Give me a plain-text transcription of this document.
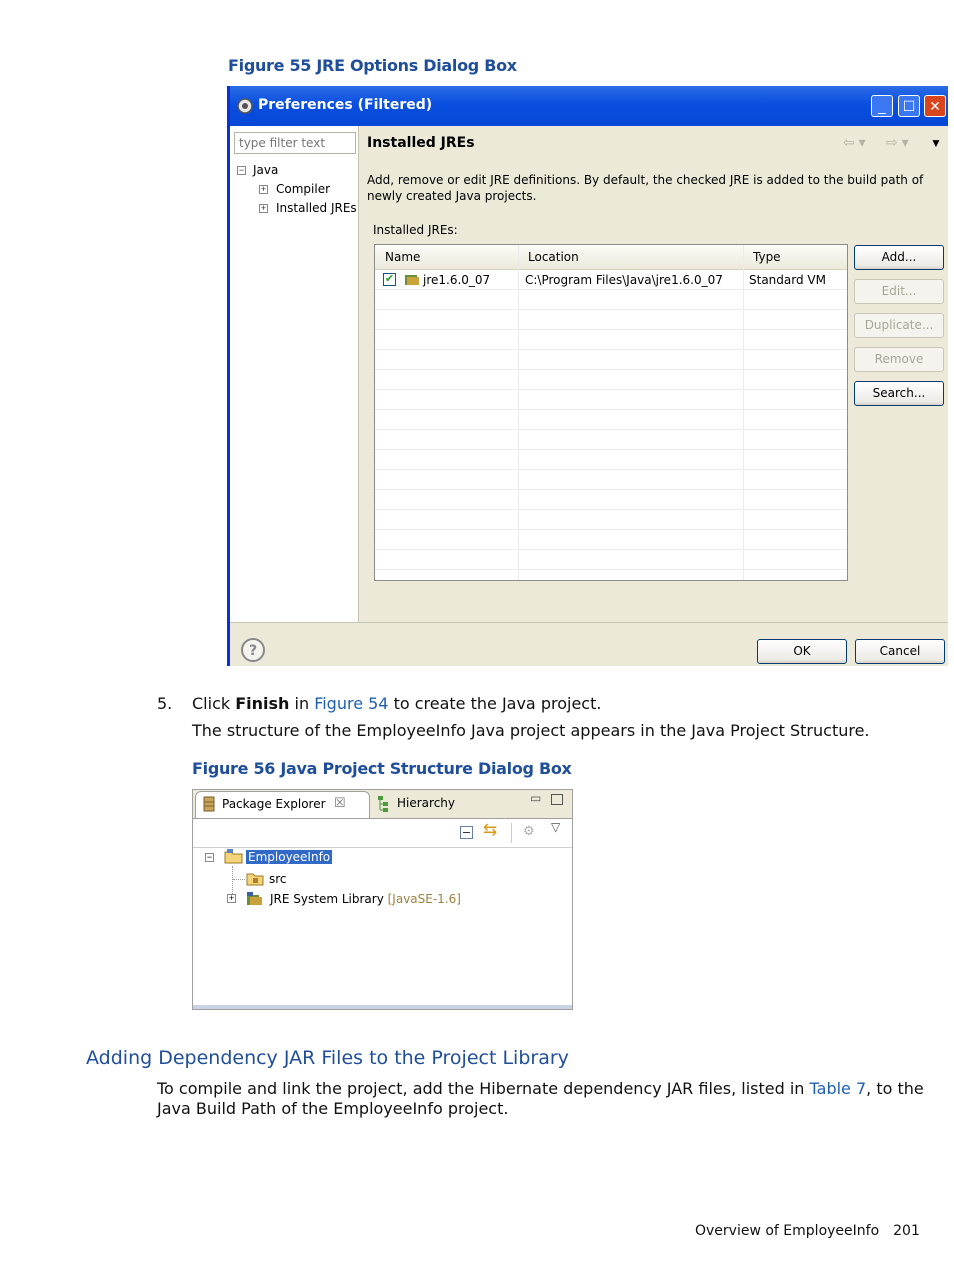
Figure 55 JRE Options Dialog Box
Preferences (Filtered)	_	☐ ✕
type filter text
− Java
+ Compiler
+ Installed JREs
Installed JREs	⇦ ▾ ⇨ ▾ ▼
Add, remove or edit JRE definitions. By default, the checked JRE is added to the build path of newly created Java projects.
Installed JREs:
Name	Location	Type
✔ jre1.6.0_07	C:\Program Files\Java\jre1.6.0_07 Standard VM
Add...
Edit...
Duplicate...
Remove
Search...
?	OK	Cancel
5. Click Finish in Figure 54 to create the Java project.
The structure of the EmployeeInfo Java project appears in the Java Project Structure.
Figure 56 Java Project Structure Dialog Box
Package Explorer ☒	Hierarchy	▭
⇆ ⚙ ▽
−	EmployeeInfo
src
+	JRE System Library [JavaSE-1.6]
Adding Dependency JAR Files to the Project Library
To compile and link the project, add the Hibernate dependency JAR files, listed in Table 7, to the
Java Build Path of the EmployeeInfo project.
Overview of EmployeeInfo 201
